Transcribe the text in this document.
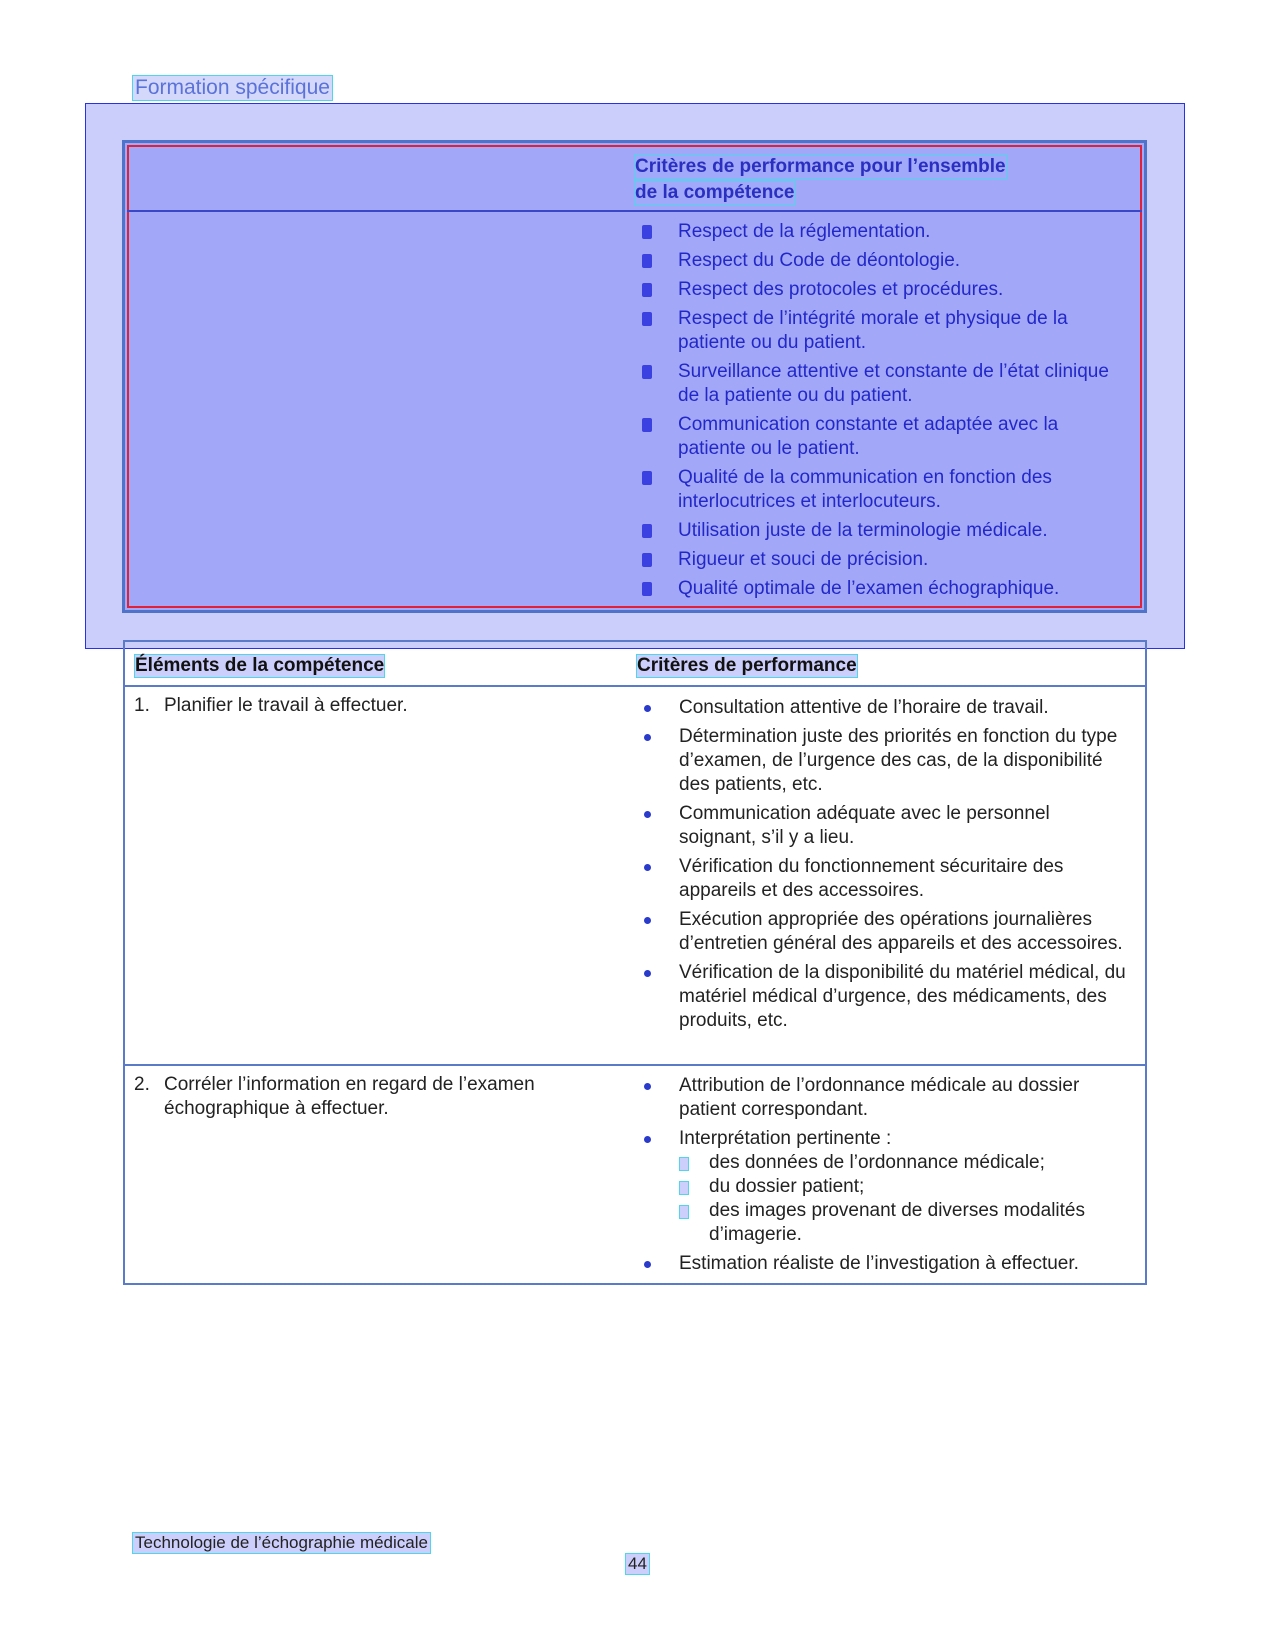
Formation spécifique
Critères de performance pour l’ensemble
de la compétence
Respect de la réglementation.
Respect du Code de déontologie.
Respect des protocoles et procédures.
Respect de l’intégrité morale et physique de la patiente ou du patient.
Surveillance attentive et constante de l’état clinique de la patiente ou du patient.
Communication constante et adaptée avec la patiente ou le patient.
Qualité de la communication en fonction des interlocutrices et interlocuteurs.
Utilisation juste de la terminologie médicale.
Rigueur et souci de précision.
Qualité optimale de l’examen échographique.
Éléments de la compétence	Critères de performance
1. Planifier le travail à effectuer.	Consultation attentive de l’horaire de travail.
Détermination juste des priorités en fonction du type d’examen, de l’urgence des cas, de la disponibilité des patients, etc.
Communication adéquate avec le personnel soignant, s’il y a lieu.
Vérification du fonctionnement sécuritaire des appareils et des accessoires.
Exécution appropriée des opérations journalières d’entretien général des appareils et des accessoires.
Vérification de la disponibilité du matériel médical, du matériel médical d’urgence, des médicaments, des produits, etc.
2. Corréler l’information en regard de l’examen échographique à effectuer.
Attribution de l’ordonnance médicale au dossier patient correspondant.
Interprétation pertinente :
des données de l’ordonnance médicale;
du dossier patient;
des images provenant de diverses modalités d’imagerie.
Estimation réaliste de l’investigation à effectuer.
Technologie de l’échographie médicale
44
